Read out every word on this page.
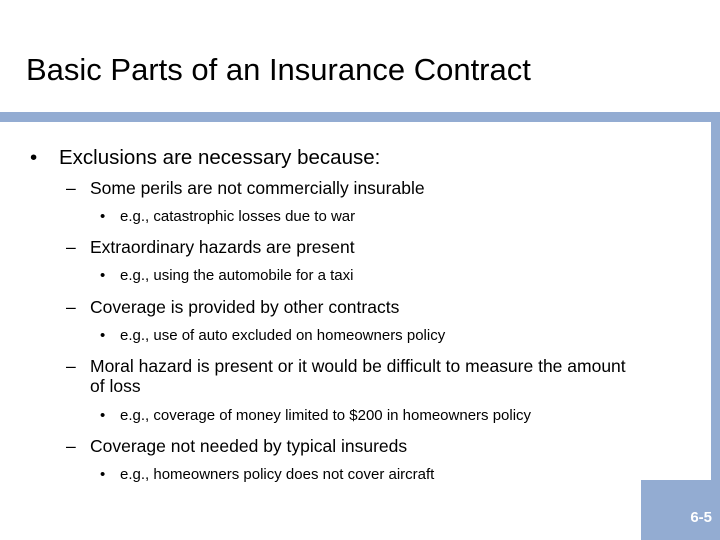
Basic Parts of an Insurance Contract
• Exclusions are necessary because:
– Some perils are not commercially insurable
• e.g., catastrophic losses due to war
– Extraordinary hazards are present
• e.g., using the automobile for a taxi
– Coverage is provided by other contracts
• e.g., use of auto excluded on homeowners policy
– Moral hazard is present or it would be difficult to measure the amount of loss
• e.g., coverage of money limited to $200 in homeowners policy
– Coverage not needed by typical insureds
• e.g., homeowners policy does not cover aircraft
6-5
